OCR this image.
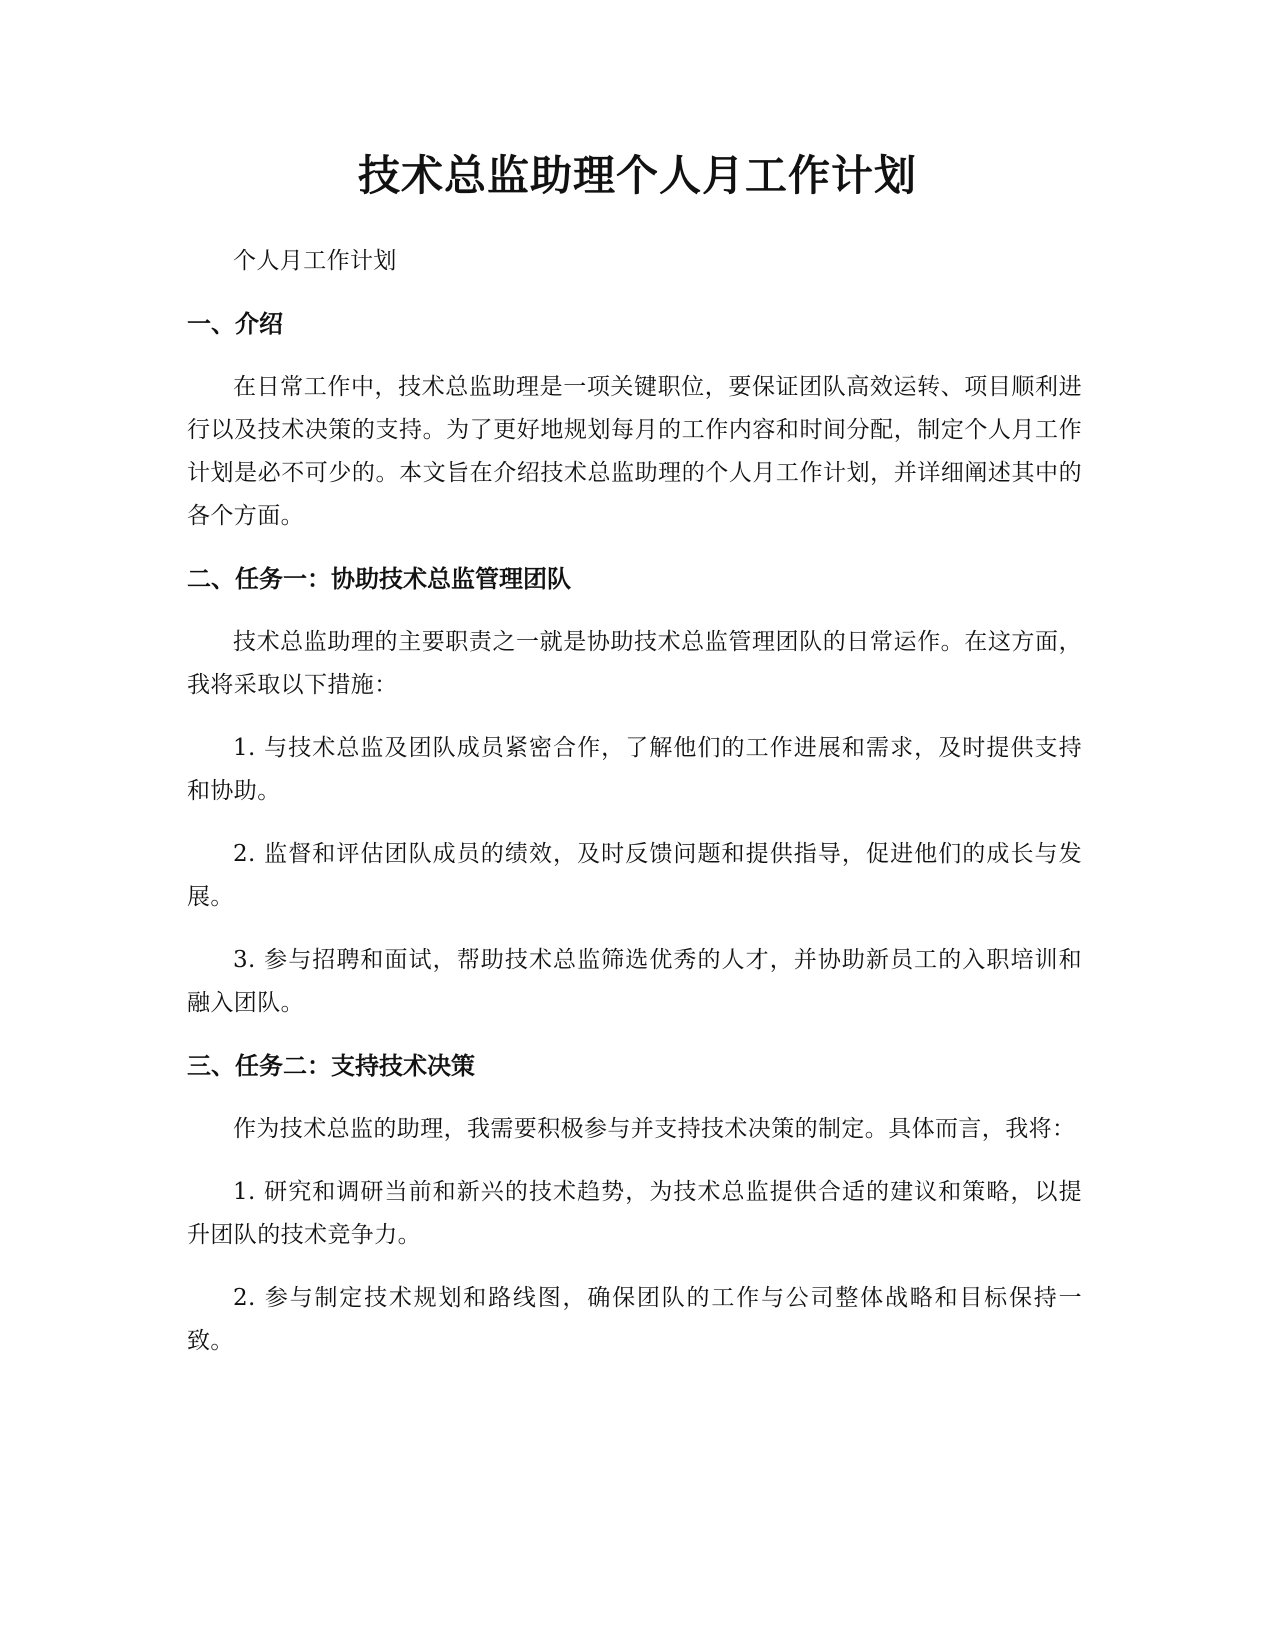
技术总监助理个人月工作计划

个人月工作计划

一、介绍

在日常工作中，技术总监助理是一项关键职位，要保证团队高效运转、项目顺利进行以及技术决策的支持。为了更好地规划每月的工作内容和时间分配，制定个人月工作计划是必不可少的。本文旨在介绍技术总监助理的个人月工作计划，并详细阐述其中的各个方面。

二、任务一：协助技术总监管理团队

技术总监助理的主要职责之一就是协助技术总监管理团队的日常运作。在这方面，我将采取以下措施：

1. 与技术总监及团队成员紧密合作，了解他们的工作进展和需求，及时提供支持和协助。

2. 监督和评估团队成员的绩效，及时反馈问题和提供指导，促进他们的成长与发展。

3. 参与招聘和面试，帮助技术总监筛选优秀的人才，并协助新员工的入职培训和融入团队。

三、任务二：支持技术决策

作为技术总监的助理，我需要积极参与并支持技术决策的制定。具体而言，我将：

1. 研究和调研当前和新兴的技术趋势，为技术总监提供合适的建议和策略，以提升团队的技术竞争力。

2. 参与制定技术规划和路线图，确保团队的工作与公司整体战略和目标保持一致。
